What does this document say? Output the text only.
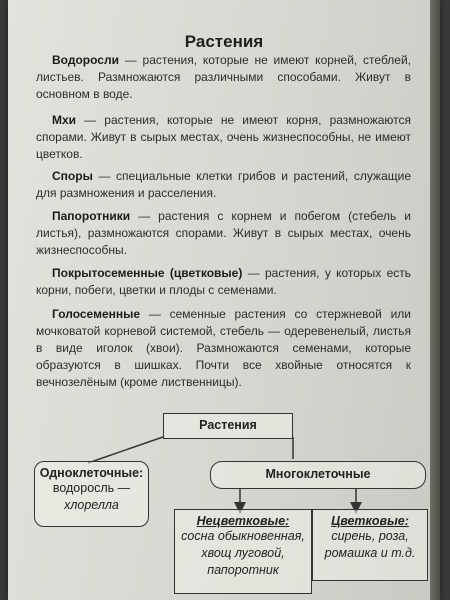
Растения
Водоросли — растения, которые не имеют корней, стеблей, листьев. Размножаются различными способами. Живут в основном в воде.
Мхи — растения, которые не имеют корня, размножаются спорами. Живут в сырых местах, очень жизнеспособны, не имеют цветков.
Споры — специальные клетки грибов и растений, служащие для размножения и расселения.
Папоротники — растения с корнем и побегом (стебель и листья), размножаются спорами. Живут в сырых местах, очень жизнеспособны.
Покрытосеменные (цветковые) — растения, у которых есть корни, побеги, цветки и плоды с семенами.
Голосеменные — семенные растения со стержневой или мочковатой корневой системой, стебель — одеревенелый, листья в виде иголок (хвои). Размножаются семенами, которые образуются в шишках. Почти все хвойные относятся к вечнозелёным (кроме лиственницы).
Растения
Одноклеточные:
водоросль —
хлорелла
Многоклеточные
Нецветковые:
сосна обыкновенная,
хвощ луговой,
папоротник
Цветковые:
сирень, роза,
ромашка и т.д.
